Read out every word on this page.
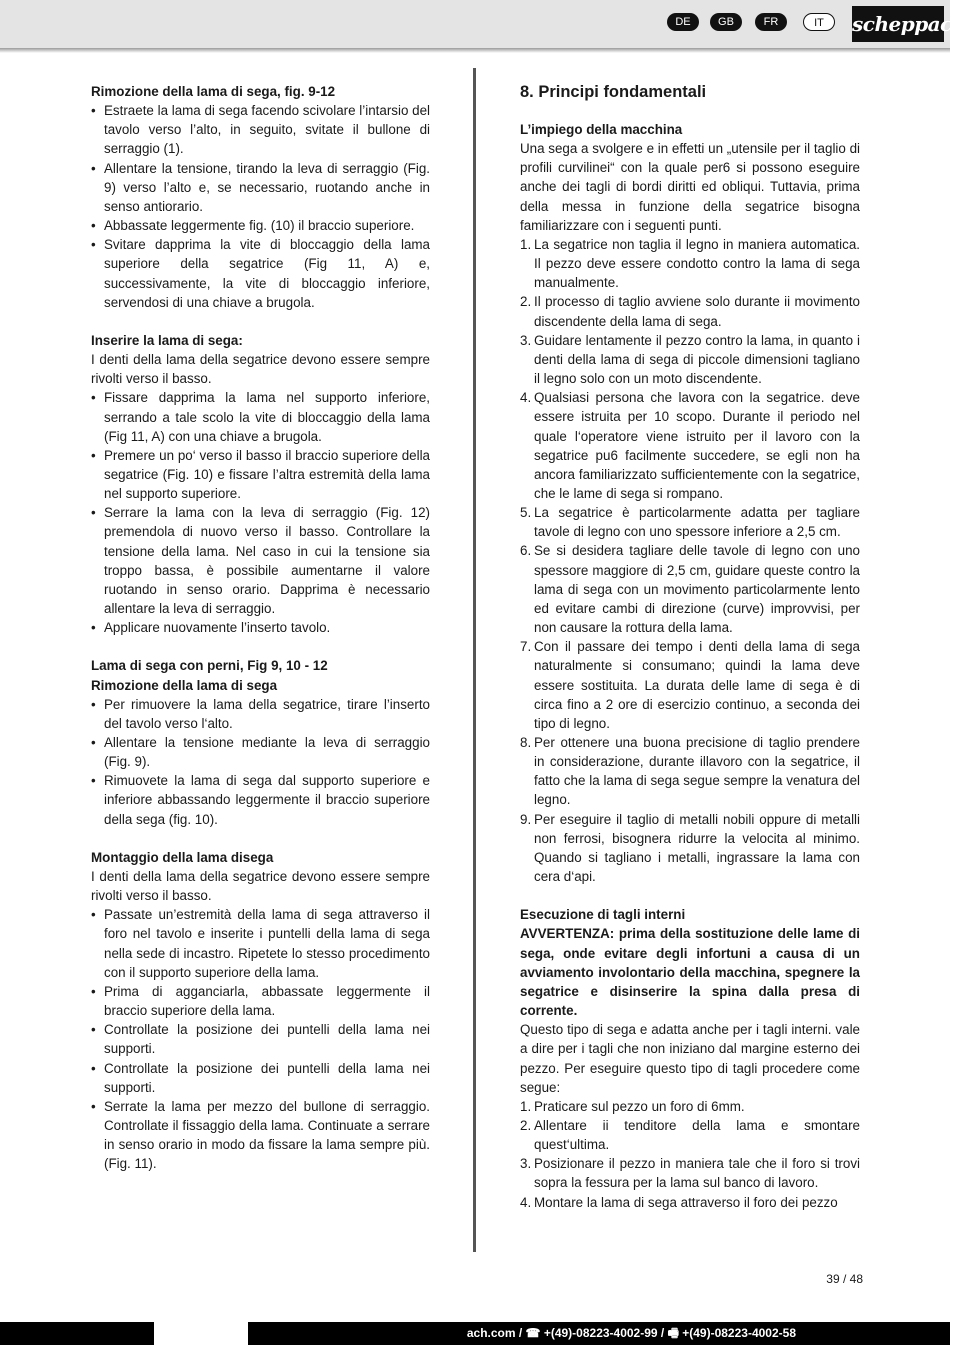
DE	GB	FR	IT	scheppach

Rimozione della lama di sega, fig. 9-12

• Estraete la lama di sega facendo scivolare l’intarsio del tavolo verso l’alto, in seguito, svitate il bullone di serraggio (1).
• Allentare la tensione, tirando la leva di serraggio (Fig. 9) verso l’alto e, se necessario, ruotando anche in senso antiorario.
• Abbassate leggermente fig. (10) il braccio superiore.
• Svitare dapprima la vite di bloccaggio della lama superiore della segatrice (Fig 11, A) e, successivamente, la vite di bloccaggio inferiore, servendosi di una chiave a brugola.

Inserire la lama di sega:

I denti della lama della segatrice devono essere sempre rivolti verso il basso.

• Fissare dapprima la lama nel supporto inferiore, serrando a tale scolo la vite di bloccaggio della lama (Fig 11, A) con una chiave a brugola.
• Premere un po‘ verso il basso il braccio superiore della segatrice (Fig. 10) e fissare l’altra estremità della lama nel supporto superiore.
• Serrare la lama con la leva di serraggio (Fig. 12) premendola di nuovo verso il basso. Controllare la tensione della lama. Nel caso in cui la tensione sia troppo bassa, è possibile aumentarne il valore ruotando in senso orario. Dapprima è necessario allentare la leva di serraggio.
• Applicare nuovamente l’inserto tavolo.

Lama di sega con perni, Fig 9, 10 - 12

Rimozione della lama di sega

• Per rimuovere la lama della segatrice, tirare l’inserto del tavolo verso l‘alto.
• Allentare la tensione mediante la leva di serraggio (Fig. 9).
• Rimuovete la lama di sega dal supporto superiore e inferiore abbassando leggermente il braccio superiore della sega (fig. 10).

Montaggio della lama disega

I denti della lama della segatrice devono essere sempre rivolti verso il basso.

• Passate un’estremità della lama di sega attraverso il foro nel tavolo e inserite i puntelli della lama di sega nella sede di incastro. Ripetete lo stesso procedimento con il supporto superiore della lama.
• Prima di agganciarla, abbassate leggermente il braccio superiore della lama.
• Controllate la posizione dei puntelli della lama nei supporti.
• Controllate la posizione dei puntelli della lama nei supporti.
• Serrate la lama per mezzo del bullone di serraggio. Controllate il fissaggio della lama. Continuate a serrare in senso orario in modo da fissare la lama sempre più. (Fig. 11).

8. Principi fondamentali

L’impiego della macchina

Una sega a svolgere e in effetti un „utensile per il taglio di profili curvilinei“ con la quale per6 si possono eseguire anche dei tagli di bordi diritti ed obliqui. Tuttavia, prima della messa in funzione della segatrice bisogna familiarizzare con i seguenti punti.

1. La segatrice non taglia il legno in maniera automatica. Il pezzo deve essere condotto contro la lama di sega manualmente.
2. Il processo di taglio avviene solo durante ii movimento discendente della lama di sega.
3. Guidare lentamente il pezzo contro la lama, in quanto i denti della lama di sega di piccole dimensioni tagliano il legno solo con un moto discendente.
4. Qualsiasi persona che lavora con la segatrice. deve essere istruita per 10 scopo. Durante il periodo nel quale l‘operatore viene istruito per il lavoro con la segatrice pu6 facilmente succedere, se egli non ha ancora familiarizzato sufficientemente con la segatrice, che le lame di sega si rompano.
5. La segatrice è particolarmente adatta per tagliare tavole di legno con uno spessore inferiore a 2,5 cm.
6. Se si desidera tagliare delle tavole di legno con uno spessore maggiore di 2,5 cm, guidare queste contro la lama di sega con un movimento particolarmente lento ed evitare cambi di direzione (curve) improvvisi, per non causare la rottura della lama.
7. Con il passare dei tempo i denti della lama di sega naturalmente si consumano; quindi la lama deve essere sostituita. La durata delle lame di sega è di circa fino a 2 ore di esercizio continuo, a seconda dei tipo di legno.
8. Per ottenere una buona precisione di taglio prendere in considerazione, durante illavoro con la segatrice, il fatto che la lama di sega segue sempre la venatura del legno.
9. Per eseguire il taglio di metalli nobili oppure di metalli non ferrosi, bisognera ridurre la velocita al minimo. Quando si tagliano i metalli, ingrassare la lama con cera d‘api.

Esecuzione di tagli interni

AVVERTENZA: prima della sostituzione delle lame di sega, onde evitare degli infortuni a causa di un avviamento involontario della macchina, spegnere la segatrice e disinserire la spina dalla presa di corrente.

Questo tipo di sega e adatta anche per i tagli interni. vale a dire per i tagli che non iniziano dal margine esterno dei pezzo. Per eseguire questo tipo di tagli procedere come segue:

1. Praticare sul pezzo un foro di 6mm.
2. Allentare ii tenditore della lama e smontare quest‘ultima.
3. Posizionare il pezzo in maniera tale che il foro si trovi sopra la fessura per la lama sul banco di lavoro.
4. Montare la lama di sega attraverso il foro dei pezzo
39 / 48
ach.com / ☎ +(49)-08223-4002-99 / 🖷 +(49)-08223-4002-58
